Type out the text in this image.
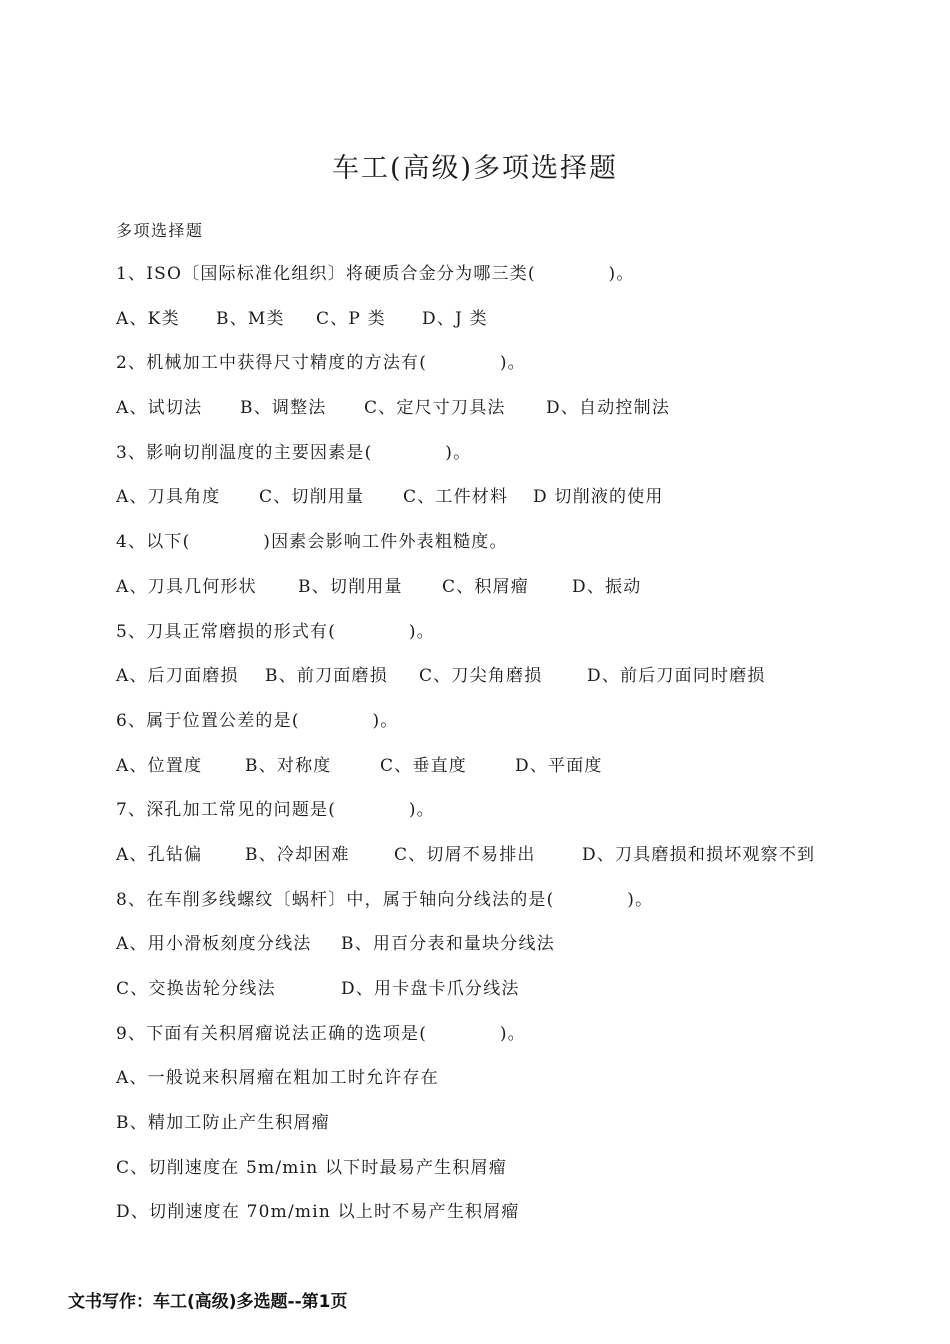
车工(高级)多项选择题
多项选择题
1、ISO〔国际标准化组织〕将硬质合金分为哪三类(　　　　)。
A、K类 B、M类 C、P 类 D、J 类
2、机械加工中获得尺寸精度的方法有(　　　　)。
A、试切法 B、调整法 C、定尺寸刀具法 D、自动控制法
3、影响切削温度的主要因素是(　　　　)。
A、刀具角度 C、切削用量 C、工件材料 D 切削液的使用
4、以下(　　　　)因素会影响工件外表粗糙度。
A、刀具几何形状 B、切削用量 C、积屑瘤	D、振动
5、刀具正常磨损的形式有(　　　　)。
A、后刀面磨损 B、前刀面磨损 C、刀尖角磨损	D、前后刀面同时磨损
6、属于位置公差的是(　　　　)。
A、位置度	B、对称度	C、垂直度	D、平面度
7、深孔加工常见的问题是(　　　　)。
A、孔钻偏	B、冷却困难	C、切屑不易排出	D、刀具磨损和损坏观察不到
8、在车削多线螺纹〔蜗杆〕中，属于轴向分线法的是(　　　　)。
A、用小滑板刻度分线法 B、用百分表和量块分线法
C、交换齿轮分线法	D、用卡盘卡爪分线法
9、下面有关积屑瘤说法正确的选项是(　　　　)。
A、一般说来积屑瘤在粗加工时允许存在
B、精加工防止产生积屑瘤
C、切削速度在 5m/min 以下时最易产生积屑瘤
D、切削速度在 70m/min 以上时不易产生积屑瘤
文书写作：车工(高级)多选题--第1页
